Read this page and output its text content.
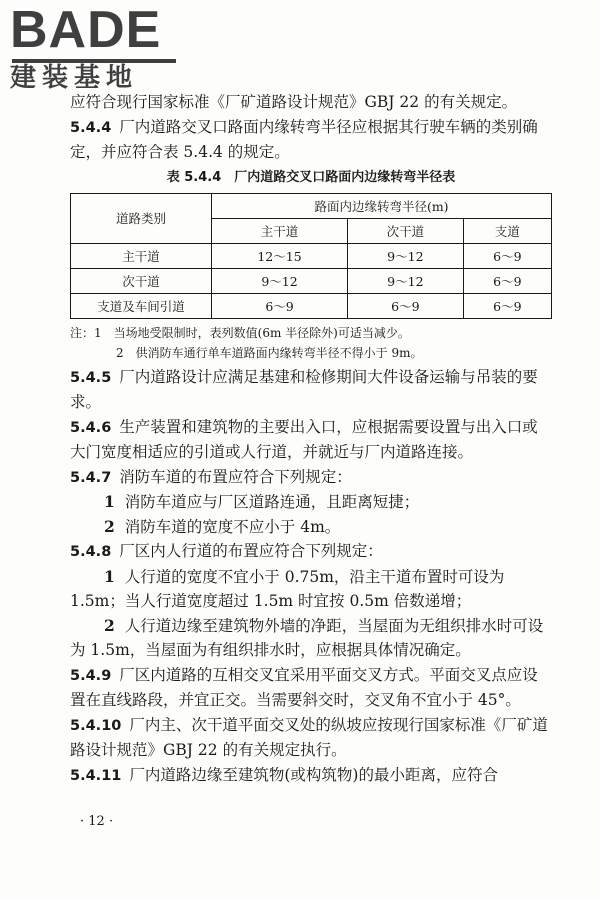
BADE
建装基地

应符合现行国家标准《厂矿道路设计规范》GBJ 22 的有关规定。

5.4.4 厂内道路交叉口路面内缘转弯半径应根据其行驶车辆的类别确定，并应符合表 5.4.4 的规定。

表 5.4.4　厂内道路交叉口路面内边缘转弯半径表
道路类别	路面内边缘转弯半径(m)		
	主干道	次干道	支道
主干道	12～15	9～12	6～9
次干道	9～12	9～12	6～9
支道及车间引道	6～9	6～9	6～9
注：1　当场地受限制时，表列数值(6m 半径除外)可适当减少。
2　供消防车通行单车道路面内缘转弯半径不得小于 9m。

5.4.5 厂内道路设计应满足基建和检修期间大件设备运输与吊装的要求。

5.4.6 生产装置和建筑物的主要出入口，应根据需要设置与出入口或大门宽度相适应的引道或人行道，并就近与厂内道路连接。

5.4.7 消防车道的布置应符合下列规定：

1 消防车道应与厂区道路连通，且距离短捷；

2 消防车道的宽度不应小于 4m。

5.4.8 厂区内人行道的布置应符合下列规定：

1 人行道的宽度不宜小于 0.75m，沿主干道布置时可设为 1.5m；当人行道宽度超过 1.5m 时宜按 0.5m 倍数递增；

2 人行道边缘至建筑物外墙的净距，当屋面为无组织排水时可设为 1.5m，当屋面为有组织排水时，应根据具体情况确定。

5.4.9 厂区内道路的互相交叉宜采用平面交叉方式。平面交叉点应设置在直线路段，并宜正交。当需要斜交时，交叉角不宜小于 45°。

5.4.10 厂内主、次干道平面交叉处的纵坡应按现行国家标准《厂矿道路设计规范》GBJ 22 的有关规定执行。

5.4.11 厂内道路边缘至建筑物(或构筑物)的最小距离，应符合

· 12 ·
